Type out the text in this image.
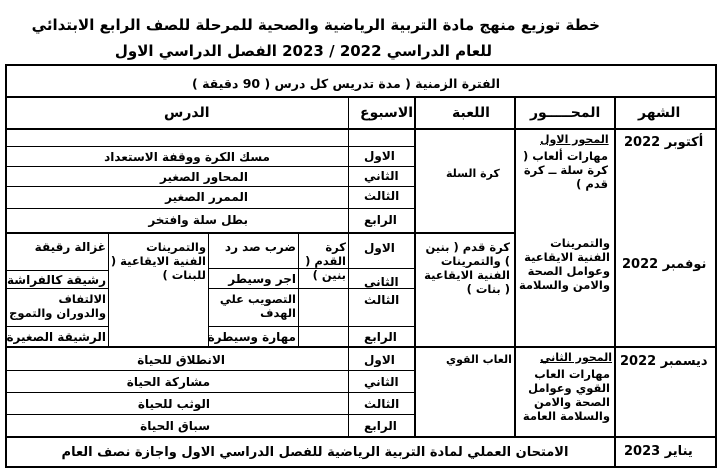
خطة توزيع منهج مادة التربية الرياضية والصحية للمرحلة للصف الرابع الابتدائي
للعام الدراسي 2022 / 2023 الفصل الدراسي الاول
الفترة الزمنية ( مدة تدريس كل درس ( 90 دقيقة )
الشهر
المحـــــور
اللعبة
الاسبوع
الدرس
أكتوبر 2022
نوفمبر 2022
ديسمبر 2022
يناير 2023
المحور الاول
مهارات ألعاب ( كرة سلة ــ كرة قدم )
والتمرينات الفنية الايقاعية وعوامل الصحة والامن والسلامة
المحور الثاني
مهارات العاب القوي وعوامل الصحة والامن والسلامة العامة
كرة السلة
كرة قدم ( بنين ) والتمرينات الفنية الايقاعية ( بنات )
العاب القوي
الاول
الثاني
الثالث
الرابع
مسك الكرة ووقفة الاستعداد
المحاور الصغير
الممرر الصغير
بطل سلة وافتخر
الاول
الثاني
الثالث
الرابع
كرة القدم ( بنين )
والتمرينات الفنية الايقاعية ( للبنات )
ضرب صد رد
اجر وسيطر
التصويب علي الهدف
مهارة وسيطرة
غزالة رقيقة
رشيقة كالفراشة
الالتفاف والدوران والتموج
الرشيقة الصغيرة
الاول
الثاني
الثالث
الرابع
الانطلاق للحياة
مشاركة الحياة
الوثب للحياة
سباق الحياة
الامتحان العملي لمادة التربية الرياضية للفصل الدراسي الاول واجازة نصف العام
